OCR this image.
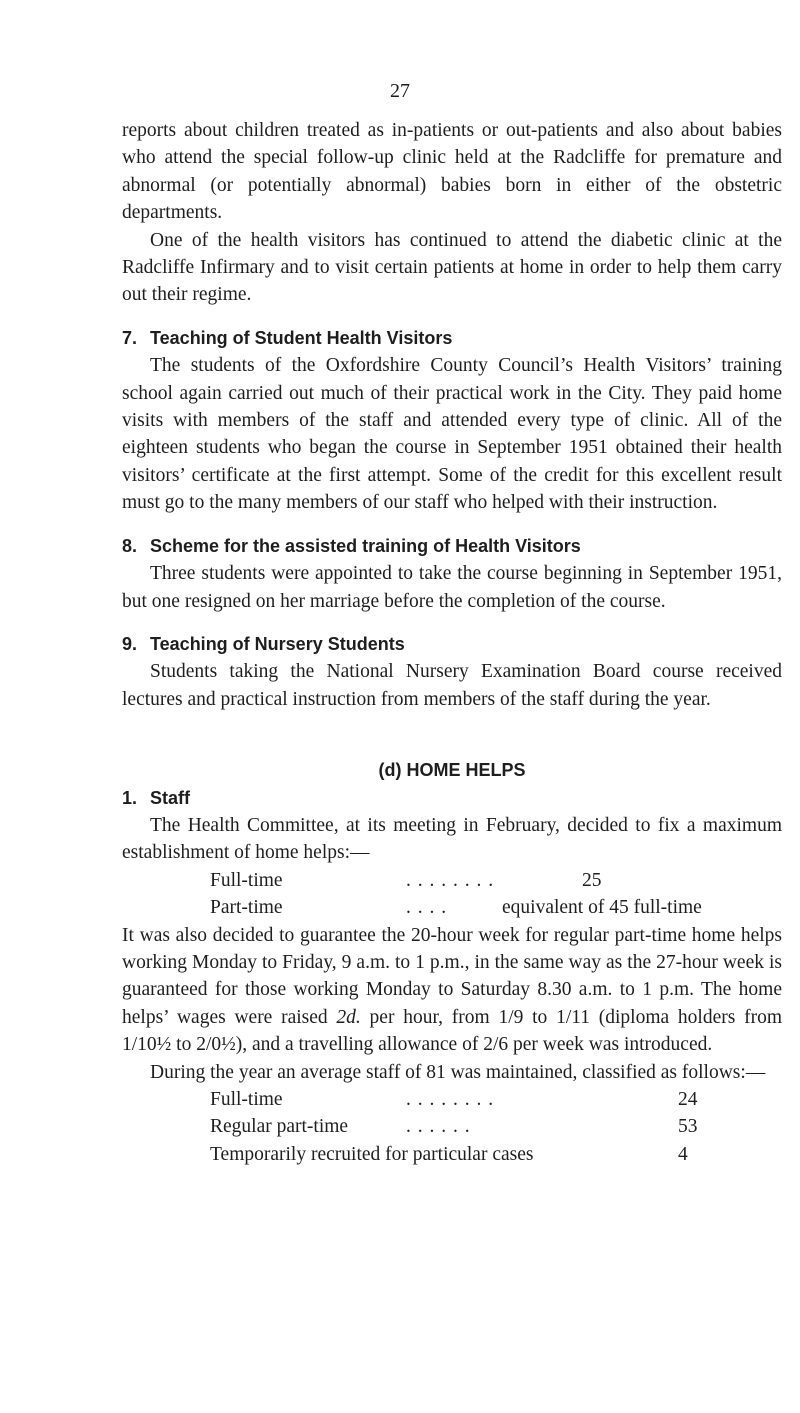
27

reports about children treated as in-patients or out-patients and also about babies who attend the special follow-up clinic held at the Radcliffe for premature and abnormal (or potentially abnormal) babies born in either of the obstetric departments.

One of the health visitors has continued to attend the diabetic clinic at the Radcliffe Infirmary and to visit certain patients at home in order to help them carry out their regime.

7. Teaching of Student Health Visitors

The students of the Oxfordshire County Council’s Health Visitors’ training school again carried out much of their practical work in the City. They paid home visits with members of the staff and attended every type of clinic. All of the eighteen students who began the course in September 1951 obtained their health visitors’ certificate at the first attempt. Some of the credit for this excellent result must go to the many members of our staff who helped with their instruction.

8. Scheme for the assisted training of Health Visitors

Three students were appointed to take the course beginning in September 1951, but one resigned on her marriage before the completion of the course.

9. Teaching of Nursery Students

Students taking the National Nursery Examination Board course received lectures and practical instruction from members of the staff during the year.

(d) HOME HELPS
1. Staff

The Health Committee, at its meeting in February, decided to fix a maximum establishment of home helps:—

Full-time	. . . . . . . .	25
Part-time	. . . .	equivalent of 45 full-time

It was also decided to guarantee the 20-hour week for regular part-time home helps working Monday to Friday, 9 a.m. to 1 p.m., in the same way as the 27-hour week is guaranteed for those working Monday to Saturday 8.30 a.m. to 1 p.m. The home helps’ wages were raised 2d. per hour, from 1/9 to 1/11 (diploma holders from 1/10½ to 2/0½), and a travelling allowance of 2/6 per week was introduced.

During the year an average staff of 81 was maintained, classified as follows:—

Full-time	. . . . . . . .	24
Regular part-time	. . . . . .	53
Temporarily recruited for particular cases	4
